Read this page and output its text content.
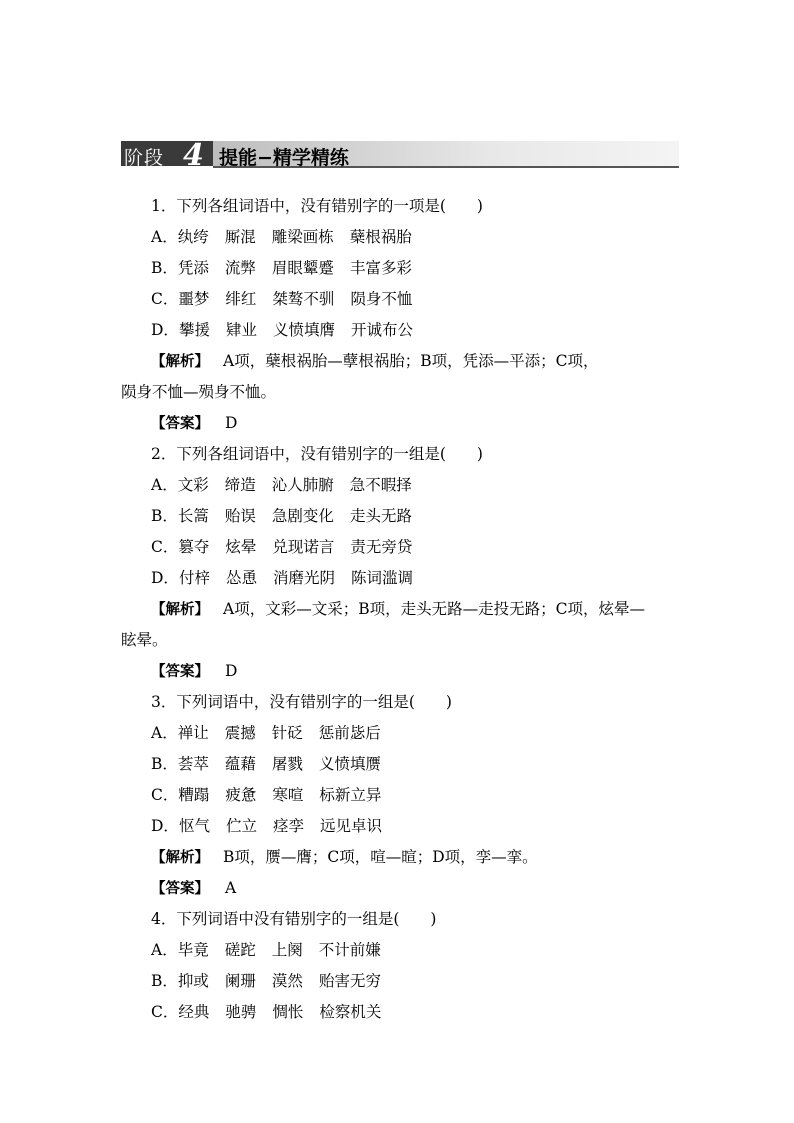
阶段 4 提能−精学精练
1．下列各组词语中，没有错别字的一项是(　　)
A．纨绔 厮混 雕梁画栋 蘖根祸胎
B．凭添 流弊 眉眼颦蹙 丰富多彩
C．噩梦 绯红 桀骜不驯 陨身不恤
D．攀援 肄业 义愤填膺 开诚布公
【解析】 A项，蘖根祸胎—孽根祸胎；B项，凭添—平添；C项，
陨身不恤—殒身不恤。
【答案】 D
2．下列各组词语中，没有错别字的一组是(　　)
A．文彩 缔造 沁人肺腑 急不暇择
B．长篙 贻误 急剧变化 走头无路
C．篡夺 炫晕 兑现诺言 责无旁贷
D．付梓 怂恿 消磨光阴 陈词滥调
【解析】 A项，文彩—文采；B项，走头无路—走投无路；C项，炫晕—
眩晕。
【答案】 D
3．下列词语中，没有错别字的一组是(　　)
A．禅让 震撼 针砭 惩前毖后
B．荟萃 蕴藉 屠戮 义愤填赝
C．糟蹋 疲惫 寒喧 标新立异
D．怄气 伫立 痉孪 远见卓识
【解析】 B项，赝—膺；C项，喧—暄；D项，孪—挛。
【答案】 A
4．下列词语中没有错别字的一组是(　　)
A．毕竟 磋跎 上阕 不计前嫌
B．抑或 阑珊 漠然 贻害无穷
C．经典 驰骋 惆怅 检察机关
